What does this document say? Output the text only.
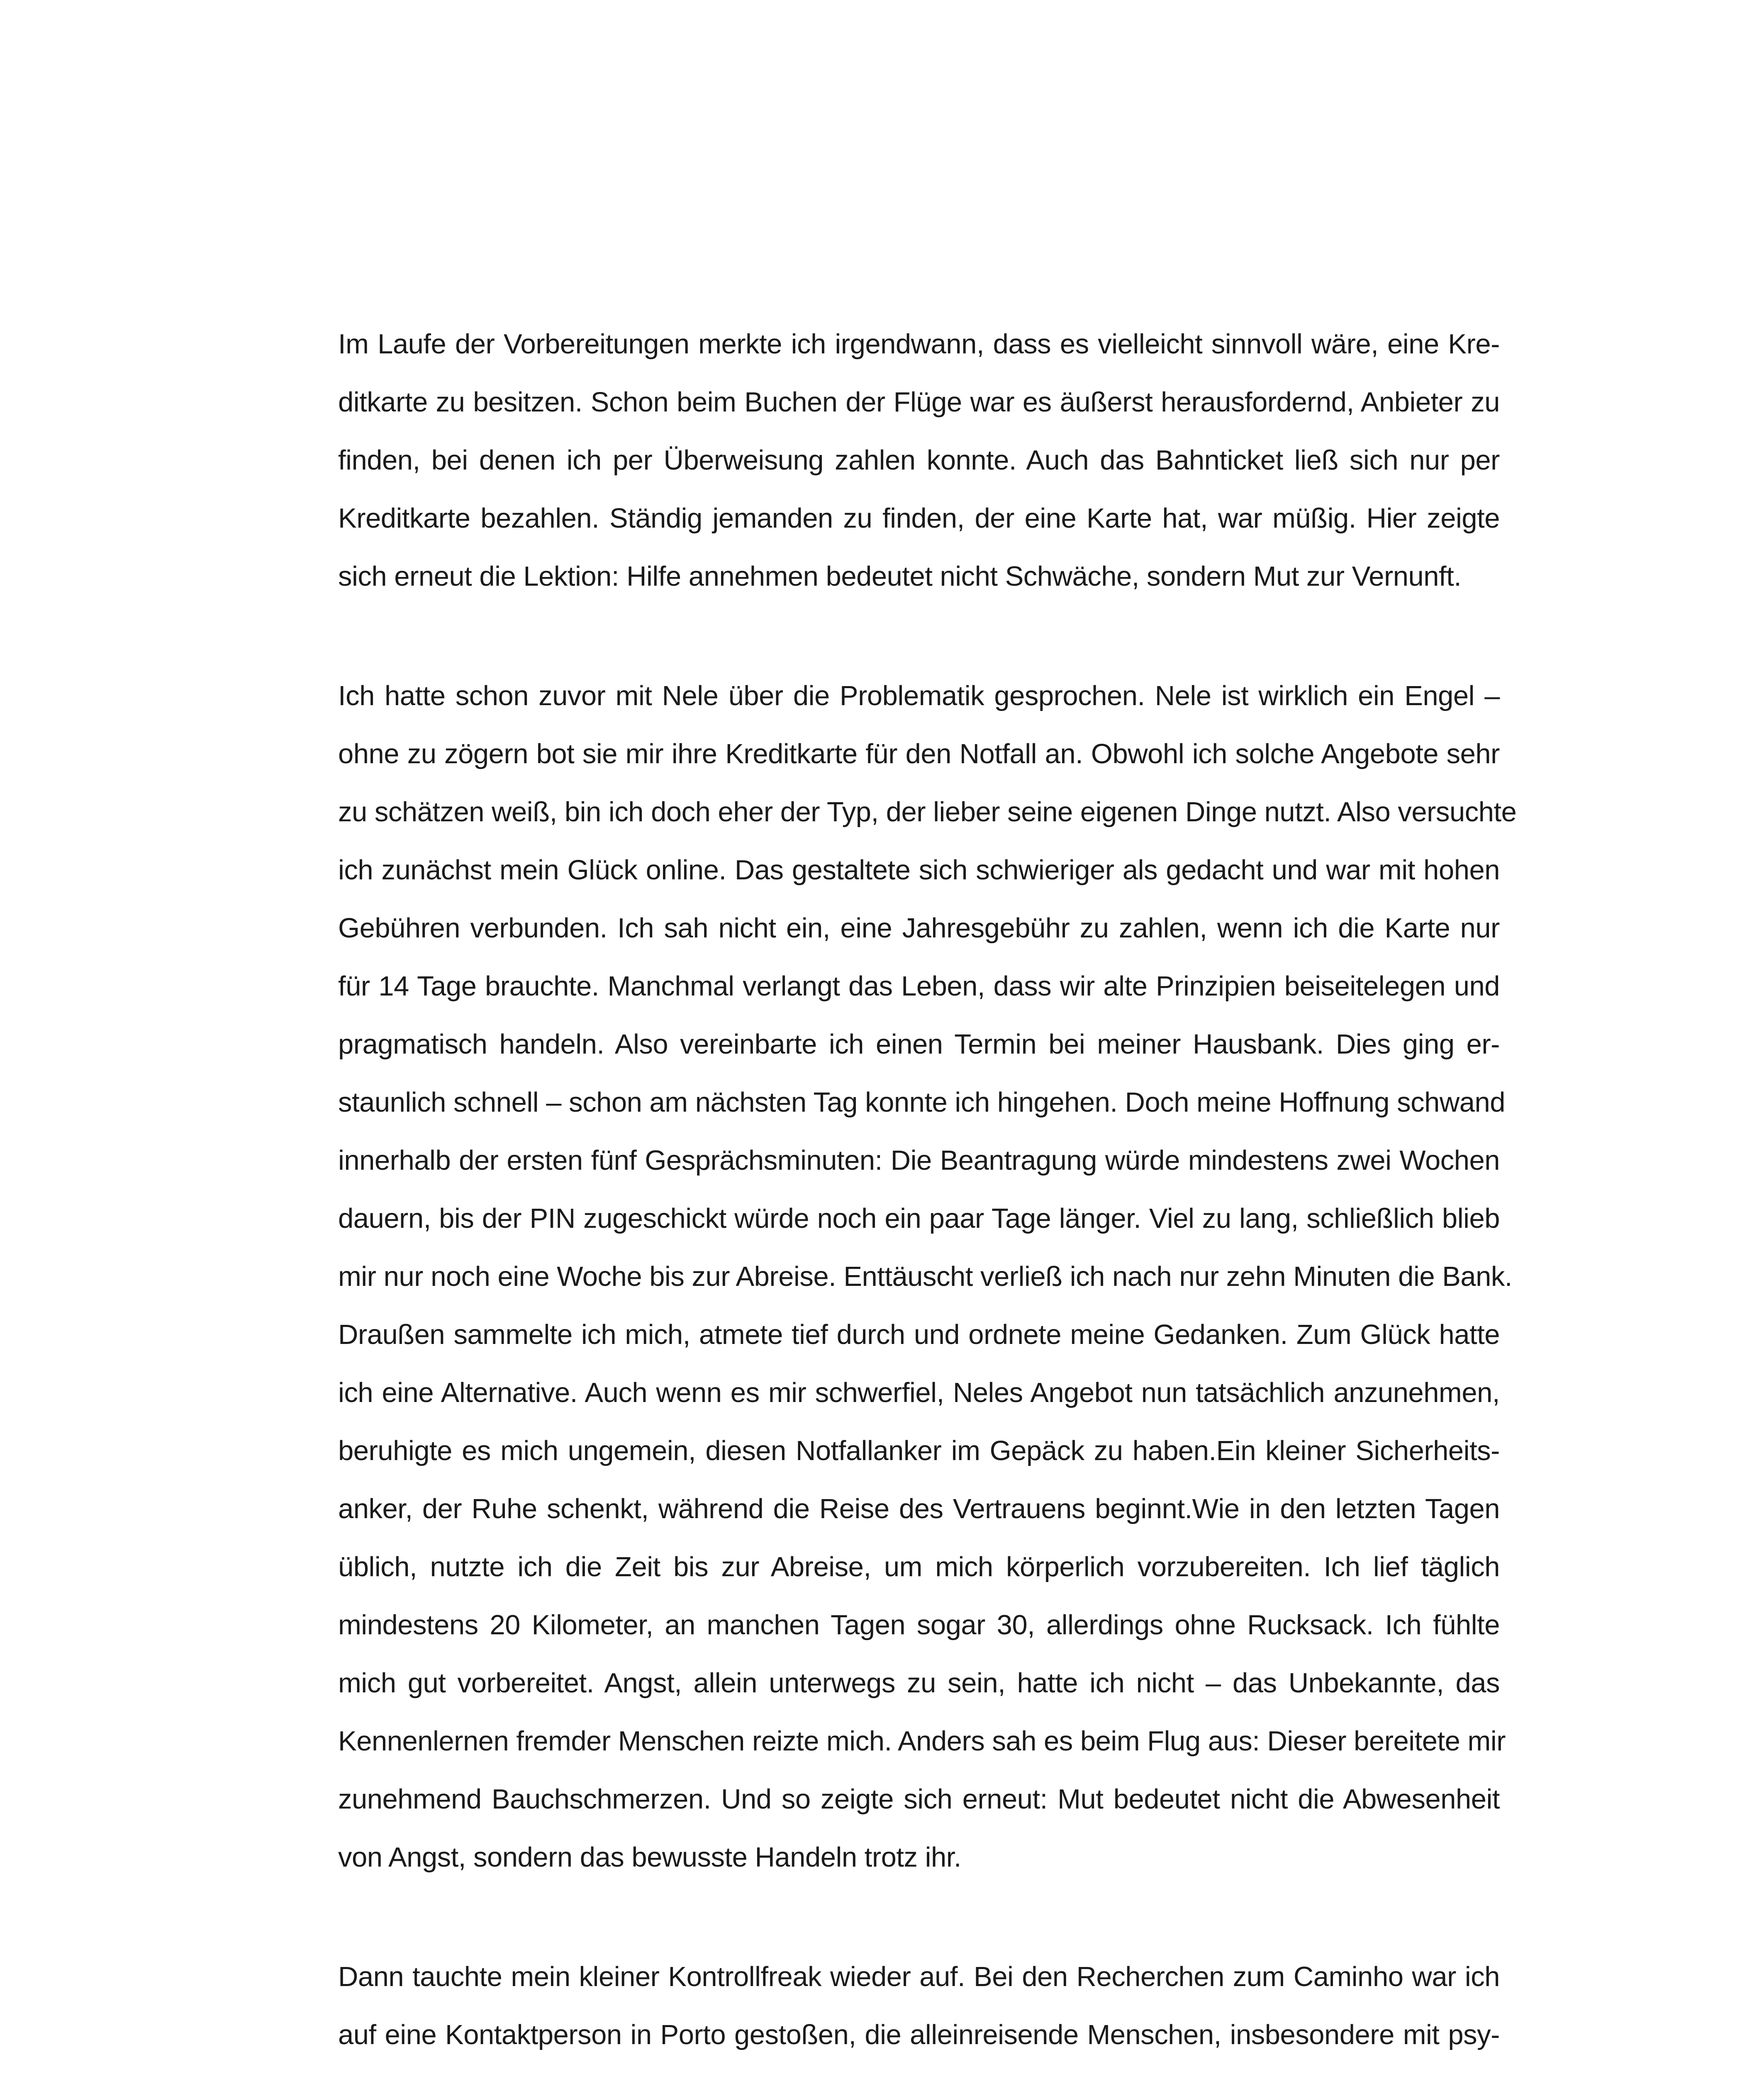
Im Laufe der Vorbereitungen merkte ich irgendwann, dass es vielleicht sinnvoll wäre, eine Kre-
ditkarte zu besitzen. Schon beim Buchen der Flüge war es äußerst herausfordernd, Anbieter zu
finden, bei denen ich per Überweisung zahlen konnte. Auch das Bahnticket ließ sich nur per
Kreditkarte bezahlen. Ständig jemanden zu finden, der eine Karte hat, war müßig. Hier zeigte
sich erneut die Lektion: Hilfe annehmen bedeutet nicht Schwäche, sondern Mut zur Vernunft.
Ich hatte schon zuvor mit Nele über die Problematik gesprochen. Nele ist wirklich ein Engel –
ohne zu zögern bot sie mir ihre Kreditkarte für den Notfall an. Obwohl ich solche Angebote sehr
zu schätzen weiß, bin ich doch eher der Typ, der lieber seine eigenen Dinge nutzt. Also versuchte
ich zunächst mein Glück online. Das gestaltete sich schwieriger als gedacht und war mit hohen
Gebühren verbunden. Ich sah nicht ein, eine Jahresgebühr zu zahlen, wenn ich die Karte nur
für 14 Tage brauchte. Manchmal verlangt das Leben, dass wir alte Prinzipien beiseitelegen und
pragmatisch handeln. Also vereinbarte ich einen Termin bei meiner Hausbank. Dies ging er-
staunlich schnell – schon am nächsten Tag konnte ich hingehen. Doch meine Hoffnung schwand
innerhalb der ersten fünf Gesprächsminuten: Die Beantragung würde mindestens zwei Wochen
dauern, bis der PIN zugeschickt würde noch ein paar Tage länger. Viel zu lang, schließlich blieb
mir nur noch eine Woche bis zur Abreise. Enttäuscht verließ ich nach nur zehn Minuten die Bank.
Draußen sammelte ich mich, atmete tief durch und ordnete meine Gedanken. Zum Glück hatte
ich eine Alternative. Auch wenn es mir schwerfiel, Neles Angebot nun tatsächlich anzunehmen,
beruhigte es mich ungemein, diesen Notfallanker im Gepäck zu haben.Ein kleiner Sicherheits-
anker, der Ruhe schenkt, während die Reise des Vertrauens beginnt.Wie in den letzten Tagen
üblich, nutzte ich die Zeit bis zur Abreise, um mich körperlich vorzubereiten. Ich lief täglich
mindestens 20 Kilometer, an manchen Tagen sogar 30, allerdings ohne Rucksack. Ich fühlte
mich gut vorbereitet. Angst, allein unterwegs zu sein, hatte ich nicht – das Unbekannte, das
Kennenlernen fremder Menschen reizte mich. Anders sah es beim Flug aus: Dieser bereitete mir
zunehmend Bauchschmerzen. Und so zeigte sich erneut: Mut bedeutet nicht die Abwesenheit
von Angst, sondern das bewusste Handeln trotz ihr.
Dann tauchte mein kleiner Kontrollfreak wieder auf. Bei den Recherchen zum Caminho war ich
auf eine Kontaktperson in Porto gestoßen, die alleinreisende Menschen, insbesondere mit psy-
